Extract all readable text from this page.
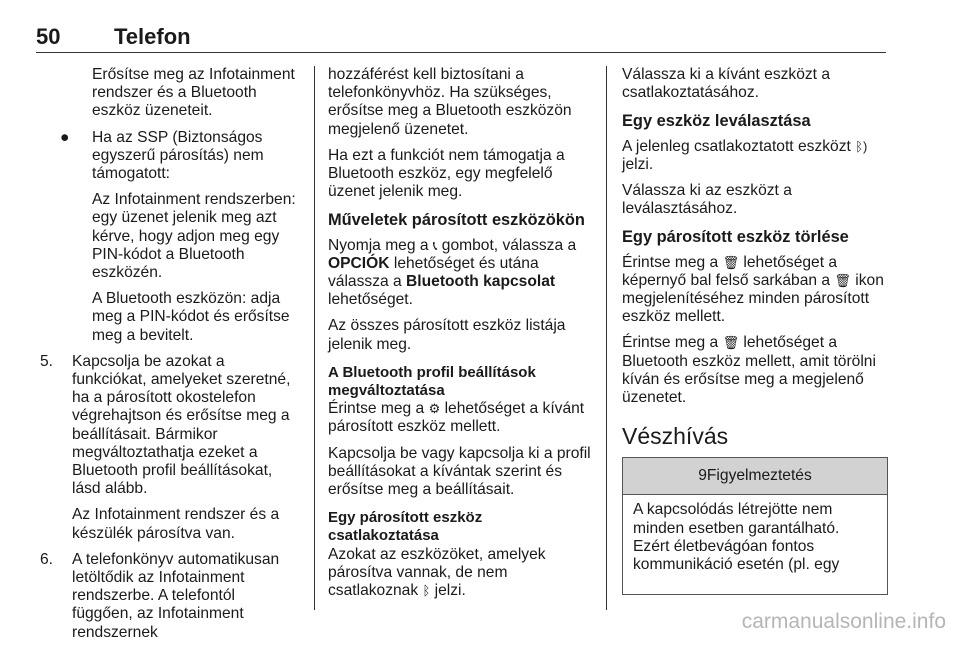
50 Telefon

Erősítse meg az Infotainment rendszer és a Bluetooth eszköz üzeneteit.

● Ha az SSP (Biztonságos egyszerű párosítás) nem támogatott:

Az Infotainment rendszerben: egy üzenet jelenik meg azt kérve, hogy adjon meg egy PIN-kódot a Bluetooth eszközén.

A Bluetooth eszközön: adja meg a PIN-kódot és erősítse meg a bevitelt.

5. Kapcsolja be azokat a funkciókat, amelyeket szeretné, ha a párosított okostelefon végrehajtson és erősítse meg a beállításait. Bármikor megváltoztathatja ezeket a Bluetooth profil beállításokat, lásd alább.

Az Infotainment rendszer és a készülék párosítva van.

6. A telefonkönyv automatikusan letöltődik az Infotainment rendszerbe. A telefontól függően, az Infotainment rendszernek

hozzáférést kell biztosítani a telefonkönyvhöz. Ha szükséges, erősítse meg a Bluetooth eszközön megjelenő üzenetet.

Ha ezt a funkciót nem támogatja a Bluetooth eszköz, egy megfelelő üzenet jelenik meg.

Műveletek párosított eszközökön

Nyomja meg a 📞︎ gombot, válassza a OPCIÓK lehetőséget és utána válassza a Bluetooth kapcsolat lehetőséget.

Az összes párosított eszköz listája jelenik meg.

A Bluetooth profil beállítások megváltoztatása

Érintse meg a ⚙ lehetőséget a kívánt párosított eszköz mellett.

Kapcsolja be vagy kapcsolja ki a profil beállításokat a kívántak szerint és erősítse meg a beállításait.

Egy párosított eszköz csatlakoztatása

Azokat az eszközöket, amelyek párosítva vannak, de nem csatlakoznak ᛒ jelzi.

Válassza ki a kívánt eszközt a csatlakoztatásához.

Egy eszköz leválasztása

A jelenleg csatlakoztatott eszközt ᛒ) jelzi.

Válassza ki az eszközt a leválasztásához.

Egy párosított eszköz törlése

Érintse meg a 🗑︎ lehetőséget a képernyő bal felső sarkában a 🗑︎ ikon megjelenítéséhez minden párosított eszköz mellett.

Érintse meg a 🗑︎ lehetőséget a Bluetooth eszköz mellett, amit törölni kíván és erősítse meg a megjelenő üzenetet.

Vészhívás
9Figyelmeztetés
A kapcsolódás létrejötte nem minden esetben garantálható. Ezért életbevágóan fontos kommunikáció esetén (pl. egy
carmanualsonline.info
